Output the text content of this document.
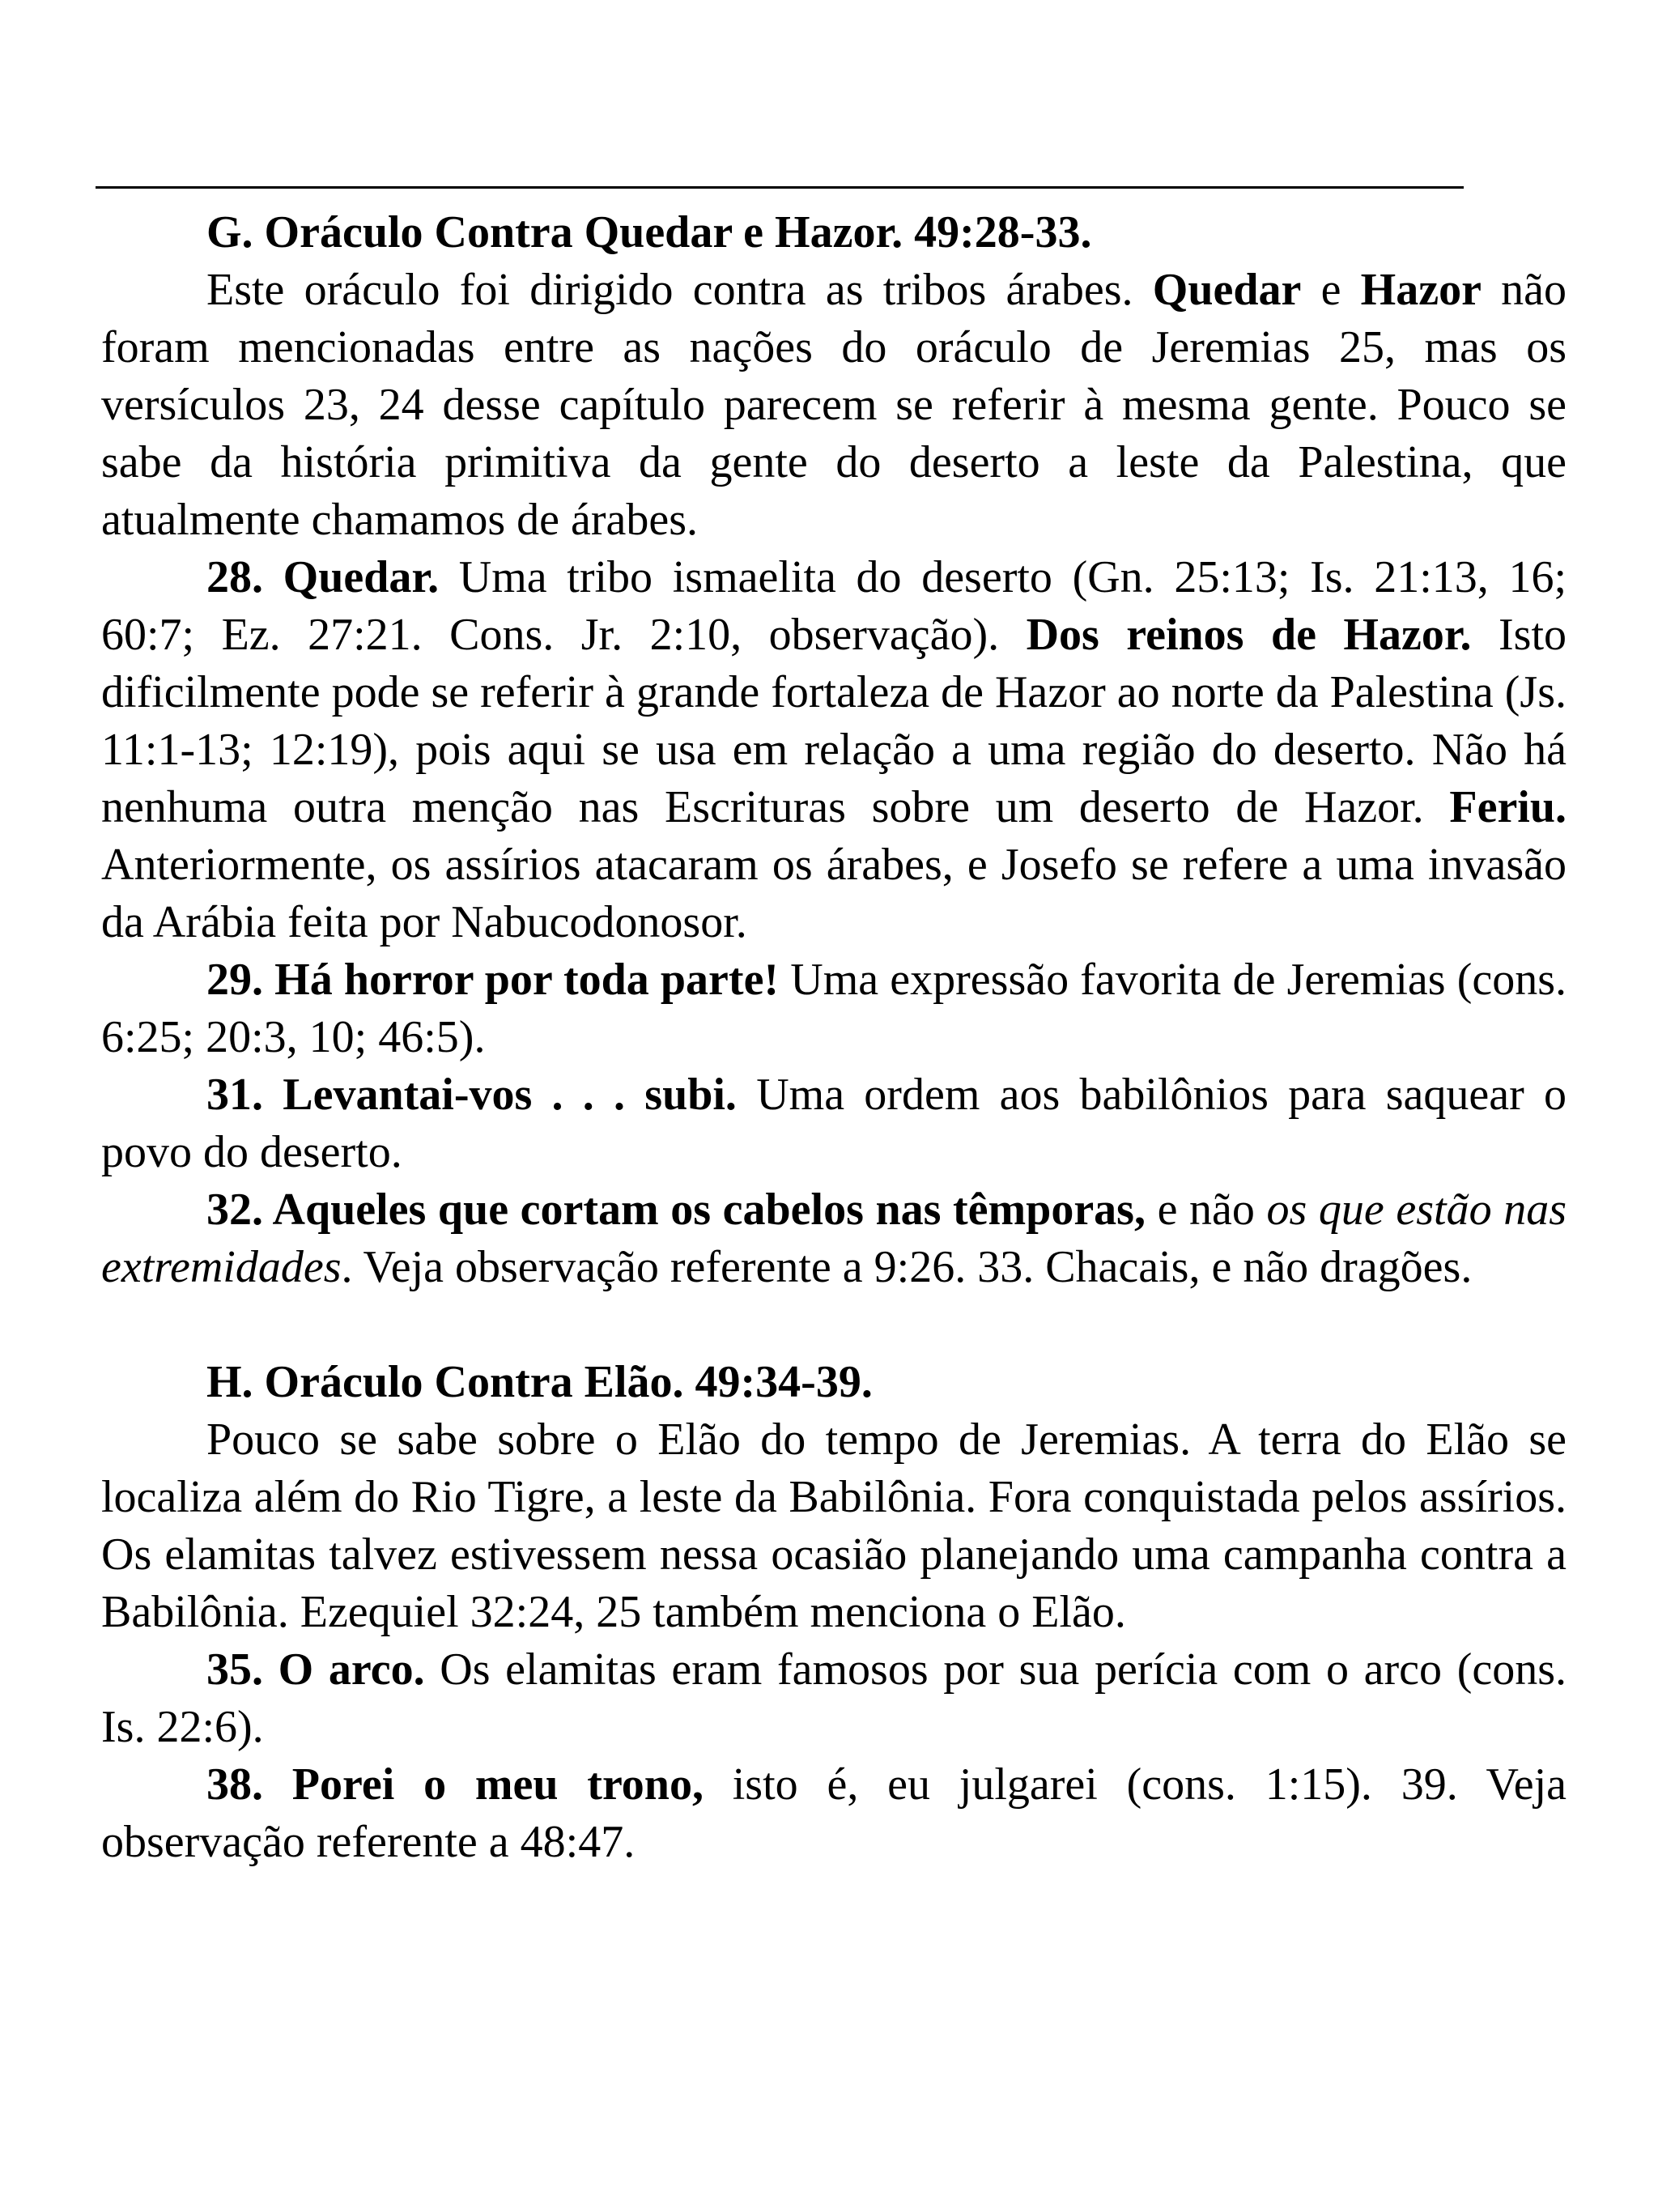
G. Oráculo Contra Quedar e Hazor. 49:28-33.

Este oráculo foi dirigido contra as tribos árabes. Quedar e Hazor não foram mencionadas entre as nações do oráculo de Jeremias 25, mas os versículos 23, 24 desse capítulo parecem se referir à mesma gente. Pouco se sabe da história primitiva da gente do deserto a leste da Palestina, que atualmente chamamos de árabes.

28. Quedar. Uma tribo ismaelita do deserto (Gn. 25:13; Is. 21:13, 16; 60:7; Ez. 27:21. Cons. Jr. 2:10, observação). Dos reinos de Hazor. Isto dificilmente pode se referir à grande fortaleza de Hazor ao norte da Palestina (Js. 11:1-13; 12:19), pois aqui se usa em relação a uma região do deserto. Não há nenhuma outra menção nas Escrituras sobre um deserto de Hazor. Feriu. Anteriormente, os assírios atacaram os árabes, e Josefo se refere a uma invasão da Arábia feita por Nabucodonosor.

29. Há horror por toda parte! Uma expressão favorita de Jeremias (cons. 6:25; 20:3, 10; 46:5).

31. Levantai-vos . . . subi. Uma ordem aos babilônios para saquear o povo do deserto.

32. Aqueles que cortam os cabelos nas têmporas, e não os que estão nas extremidades. Veja observação referente a 9:26. 33. Chacais, e não dragões.

H. Oráculo Contra Elão. 49:34-39.

Pouco se sabe sobre o Elão do tempo de Jeremias. A terra do Elão se localiza além do Rio Tigre, a leste da Babilônia. Fora conquistada pelos assírios. Os elamitas talvez estivessem nessa ocasião planejando uma campanha contra a Babilônia. Ezequiel 32:24, 25 também menciona o Elão.

35. O arco. Os elamitas eram famosos por sua perícia com o arco (cons. Is. 22:6).

38. Porei o meu trono, isto é, eu julgarei (cons. 1:15). 39. Veja observação referente a 48:47.
